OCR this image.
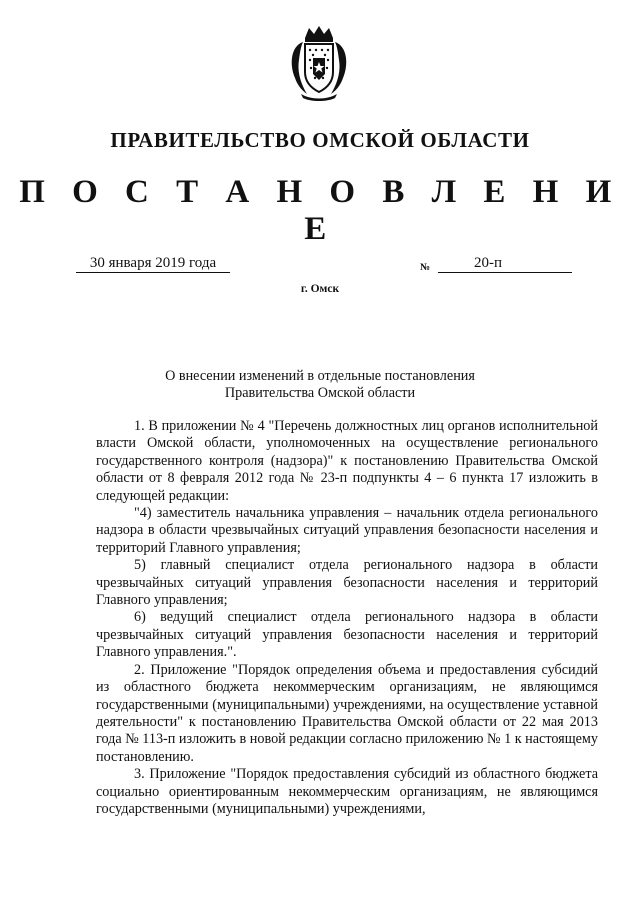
ПРАВИТЕЛЬСТВО ОМСКОЙ ОБЛАСТИ
П О С Т А Н О В Л Е Н И Е
30 января 2019 года	№	20-п
г. Омск
О внесении изменений в отдельные постановления
Правительства Омской области

1. В приложении № 4 "Перечень должностных лиц органов исполнительной власти Омской области, уполномоченных на осуществление регионального государственного контроля (надзора)" к постановлению Правительства Омской области от 8 февраля 2012 года № 23-п подпункты 4 – 6 пункта 17 изложить в следующей редакции:

"4) заместитель начальника управления – начальник отдела регионального надзора в области чрезвычайных ситуаций управления безопасности населения и территорий Главного управления;

5) главный специалист отдела регионального надзора в области чрезвычайных ситуаций управления безопасности населения и территорий Главного управления;

6) ведущий специалист отдела регионального надзора в области чрезвычайных ситуаций управления безопасности населения и территорий Главного управления.".

2. Приложение "Порядок определения объема и предоставления субсидий из областного бюджета некоммерческим организациям, не являющимся государственными (муниципальными) учреждениями, на осуществление уставной деятельности" к постановлению Правительства Омской области от 22 мая 2013 года № 113-п изложить в новой редакции согласно приложению № 1 к настоящему постановлению.

3. Приложение "Порядок предоставления субсидий из областного бюджета социально ориентированным некоммерческим организациям, не являющимся государственными (муниципальными) учреждениями,
